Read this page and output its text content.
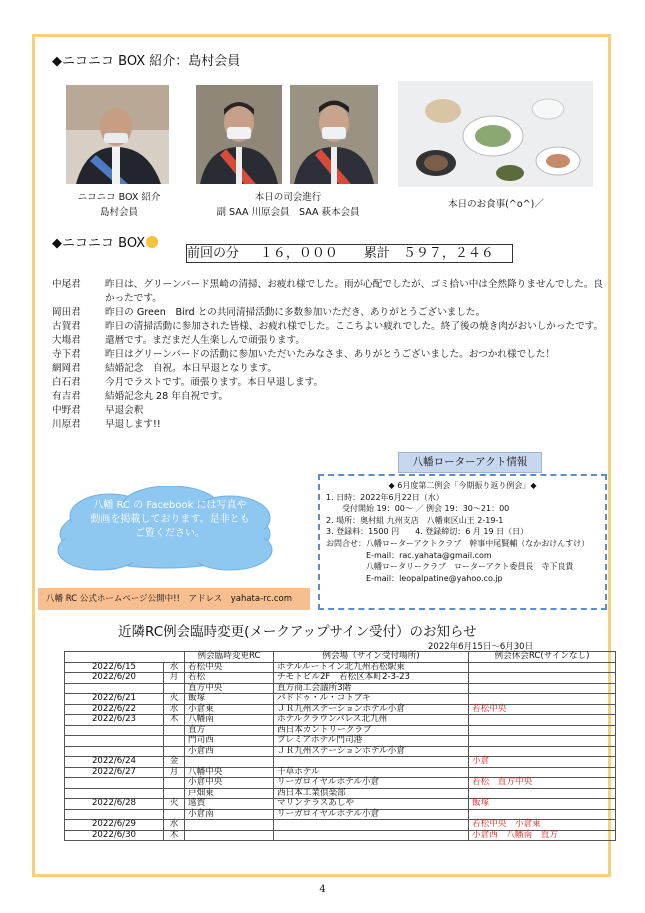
◆ニコニコ BOX 紹介：島村会員
ニコニコ BOX 紹介
島村会員
本日の司会進行
副 SAA 川原会員　SAA 萩本会員
本日のお食事(^o^)／
◆ニコニコ BOX
前回の分　 １６，０００　　累計　５９７，２４６
中尾君	昨日は、グリーンバード黒崎の清掃、お疲れ様でした。雨が心配でしたが、ゴミ拾い中は全然降りませんでした。良かったです。
岡田君	昨日の Green　Bird との共同清掃活動に多数参加いただき、ありがとうございました。
古賀君	昨日の清掃活動に参加された皆様、お疲れ様でした。ここちよい疲れでした。終了後の焼き肉がおいしかったです。
大塲君	還暦です。まだまだ人生楽しんで頑張ります。
寺下君	昨日はグリーンバードの活動に参加いただいたみなさま、ありがとうございました。おつかれ様でした！
網岡君	結婚記念　自祝。本日早退となります。
白石君	今月でラストです。頑張ります。本日早退します。
有吉君	結婚記念丸 28 年自祝です。
中野君	早退会釈
川原君	早退します!!
八幡ローターアクト情報
◆ 6月度第二例会「今期振り返り例会」◆
1. 日時：2022年6月22日（水）
　　受付開始 19：00～ ／ 例会 19：30～21：00
2. 場所：奥村組 九州支店　八幡東区山王 2-19-1
3. 登録料：1500 円　　4. 登録締切：6 月 19 日（日）
お問合せ：八幡ローターアクトクラブ　幹事中尾賢輔（なかおけんすけ）
　　　　　E-mail：rac.yahata@gmail.com
　　　　　八幡ロータリークラブ　ローターアクト委員長　寺下良貴
　　　　　E-mail：leopalpatine@yahoo.co.jp
八幡 RC の Facebook には写真や動画を掲載しております。是非ともご覧ください。
八幡 RC 公式ホームページ公開中!!　アドレス　yahata-rc.com
近隣RC例会臨時変更(メークアップサイン受付）のお知らせ
2022年6月15日～6月30日
		例会臨時変更RC	例会場（サイン受付場所)	例会休会RC(サインなし)
2022/6/15	水	若松中央	ホテルルートイン北九州若松駅東	
2022/6/20	月	若松	チモトビル2F　若松区本町2-3-23	
		直方中央	直方商工会議所3階	
2022/6/21	火	飯塚	パドドゥ・ル・コトブキ	
2022/6/22	水	小倉東	ＪＲ九州ステーションホテル小倉	若松中央
2022/6/23	木	八幡南	ホテルクラウンパレス北九州	
		直方	西日本カントリークラブ	
		門司西	プレミアホテル門司港	
		小倉西	ＪＲ九州ステーションホテル小倉	
2022/6/24	金			小倉
2022/6/27	月	八幡中央	千草ホテル	
		小倉中央	リーガロイヤルホテル小倉	若松　直方中央
		戸畑東	西日本工業倶楽部	
2022/6/28	火	遠賀	マリンテラスあしや	飯塚
		小倉南	リーガロイヤルホテル小倉	
2022/6/29	水			若松中央　小倉東
2022/6/30	木			小倉西　八幡南　直方
4
